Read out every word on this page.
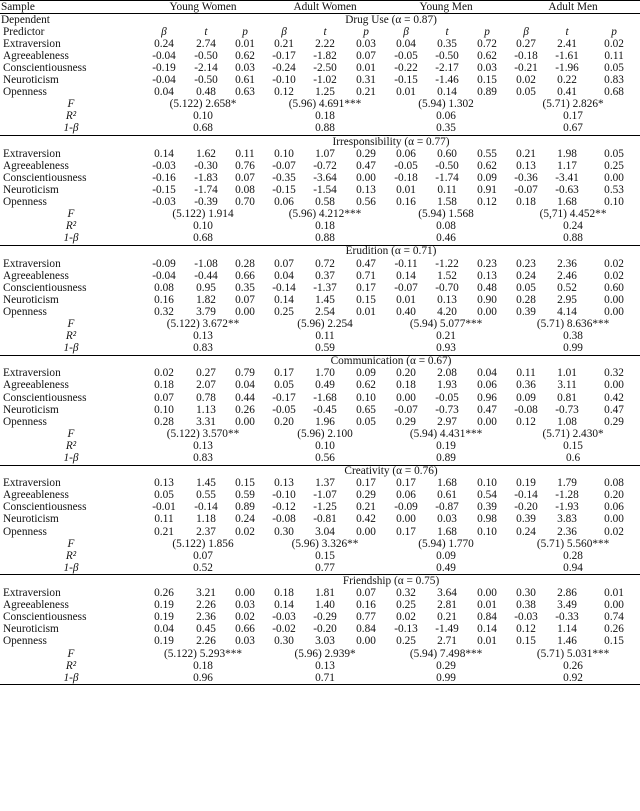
Sample	Young Women			Adult Women			Young Men			Adult Men		
Dependent	Drug Use (α = 0.87)											
Predictor	β	t	p	β	t	p	β	t	p	β	t	p
Extraversion	0.24	2.74	0.01	0.21	2.22	0.03	0.04	0.35	0.72	0.27	2.41	0.02
Agreeableness	-0.04	-0.50	0.62	-0.17	-1.82	0.07	-0.05	-0.50	0.62	-0.18	-1.61	0.11
Conscientiousness	-0.19	-2.14	0.03	-0.24	-2.50	0.01	-0.22	-2.17	0.03	-0.21	-1.96	0.05
Neuroticism	-0.04	-0.50	0.61	-0.10	-1.02	0.31	-0.15	-1.46	0.15	0.02	0.22	0.83
Openness	0.04	0.48	0.63	0.12	1.25	0.21	0.01	0.14	0.89	0.05	0.41	0.68
F	(5.122) 2.658*			(5.96) 4.691***			(5.94) 1.302			(5.71) 2.826*		
R²	0.10			0.18			0.06			0.17		
1-β	0.68			0.88			0.35			0.67		
	Irresponsibility (α = 0.77)											
Extraversion	0.14	1.62	0.11	0.10	1.07	0.29	0.06	0.60	0.55	0.21	1.98	0.05
Agreeableness	-0.03	-0.30	0.76	-0.07	-0.72	0.47	-0.05	-0.50	0.62	0.13	1.17	0.25
Conscientiousness	-0.16	-1.83	0.07	-0.35	-3.64	0.00	-0.18	-1.74	0.09	-0.36	-3.41	0.00
Neuroticism	-0.15	-1.74	0.08	-0.15	-1.54	0.13	0.01	0.11	0.91	-0.07	-0.63	0.53
Openness	-0.03	-0.39	0.70	0.06	0.58	0.56	0.16	1.58	0.12	0.18	1.68	0.10
F	(5.122) 1.914			(5.96) 4.212***			(5.94) 1.568			(5,71) 4.452**		
R²	0.10			0.18			0.08			0.24		
1-β	0.68			0.88			0.46			0.88		
	Erudition (α = 0.71)											
Extraversion	-0.09	-1.08	0.28	0.07	0.72	0.47	-0.11	-1.22	0.23	0.23	2.36	0.02
Agreeableness	-0.04	-0.44	0.66	0.04	0.37	0.71	0.14	1.52	0.13	0.24	2.46	0.02
Conscientiousness	0.08	0.95	0.35	-0.14	-1.37	0.17	-0.07	-0.70	0.48	0.05	0.52	0.60
Neuroticism	0.16	1.82	0.07	0.14	1.45	0.15	0.01	0.13	0.90	0.28	2.95	0.00
Openness	0.32	3.79	0.00	0.25	2.54	0.01	0.40	4.20	0.00	0.39	4.14	0.00
F	(5.122) 3.672**			(5.96) 2.254			(5.94) 5.077***			(5.71) 8.636***		
R²	0.13			0.11			0.21			0.38		
1-β	0.83			0.59			0.93			0.99		
	Communication (α = 0.67)											
Extraversion	0.02	0.27	0.79	0.17	1.70	0.09	0.20	2.08	0.04	0.11	1.01	0.32
Agreeableness	0.18	2.07	0.04	0.05	0.49	0.62	0.18	1.93	0.06	0.36	3.11	0.00
Conscientiousness	0.07	0.78	0.44	-0.17	-1.68	0.10	0.00	-0.05	0.96	0.09	0.81	0.42
Neuroticism	0.10	1.13	0.26	-0.05	-0.45	0.65	-0.07	-0.73	0.47	-0.08	-0.73	0.47
Openness	0.28	3.31	0.00	0.20	1.96	0.05	0.29	2.97	0.00	0.12	1.08	0.29
F	(5.122) 3.570**			(5.96) 2.100			(5.94) 4.431***			(5.71) 2.430*		
R²	0.13			0.10			0.19			0.15		
1-β	0.83			0.56			0.89			0.6		
	Creativity (α = 0.76)											
Extraversion	0.13	1.45	0.15	0.13	1.37	0.17	0.17	1.68	0.10	0.19	1.79	0.08
Agreeableness	0.05	0.55	0.59	-0.10	-1.07	0.29	0.06	0.61	0.54	-0.14	-1.28	0.20
Conscientiousness	-0.01	-0.14	0.89	-0.12	-1.25	0.21	-0.09	-0.87	0.39	-0.20	-1.93	0.06
Neuroticism	0.11	1.18	0.24	-0.08	-0.81	0.42	0.00	0.03	0.98	0.39	3.83	0.00
Openness	0.21	2.37	0.02	0.30	3.04	0.00	0.17	1.68	0.10	0.24	2.36	0.02
F	(5.122) 1.856			(5.96) 3.326**			(5.94) 1.770			(5.71) 5.560***		
R²	0.07			0.15			0.09			0.28		
1-β	0.52			0.77			0.49			0.94		
	Friendship (α = 0.75)											
Extraversion	0.26	3.21	0.00	0.18	1.81	0.07	0.32	3.64	0.00	0.30	2.86	0.01
Agreeableness	0.19	2.26	0.03	0.14	1.40	0.16	0.25	2.81	0.01	0.38	3.49	0.00
Conscientiousness	0.19	2.36	0.02	-0.03	-0.29	0.77	0.02	0.21	0.84	-0.03	-0.33	0.74
Neuroticism	0.04	0.45	0.66	-0.02	-0.20	0.84	-0.13	-1.49	0.14	0.12	1.14	0.26
Openness	0.19	2.26	0.03	0.30	3.03	0.00	0.25	2.71	0.01	0.15	1.46	0.15
F	(5.122) 5.293***			(5.96) 2.939*			(5.94) 7.498***			(5.71) 5.031***		
R²	0.18			0.13			0.29			0.26		
1-β	0.96			0.71			0.99			0.92		
